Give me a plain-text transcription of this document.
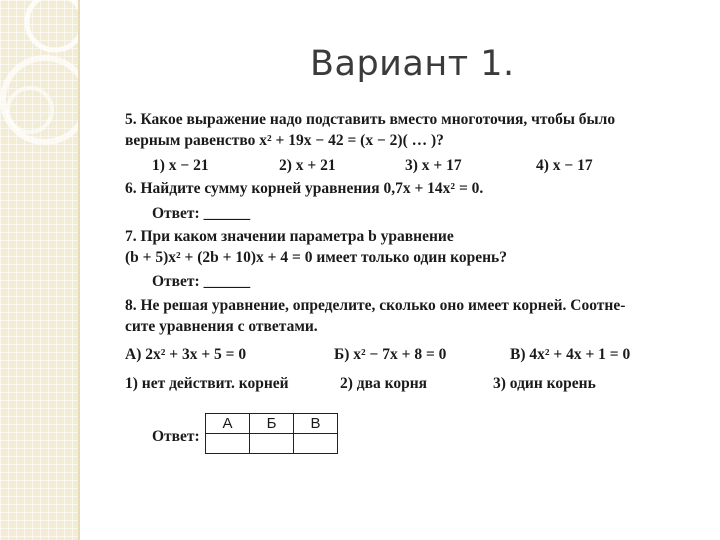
Вариант 1.
5. Какое выражение надо подставить вместо многоточия, чтобы было
верным равенство x² + 19x − 42 = (x − 2)( … )?
1) x − 21	2) x + 21	3) x + 17	4) x − 17
6. Найдите сумму корней уравнения 0,7x + 14x² = 0.
Ответ: ______
7. При каком значении параметра b уравнение
(b + 5)x² + (2b + 10)x + 4 = 0 имеет только один корень?
Ответ: ______
8. Не решая уравнение, определите, сколько оно имеет корней. Соотне-
сите уравнения с ответами.
А) 2x² + 3x + 5 = 0	Б) x² − 7x + 8 = 0	В) 4x² + 4x + 1 = 0
1) нет действит. корней	2) два корня	3) один корень
Ответ:
А	Б	В
